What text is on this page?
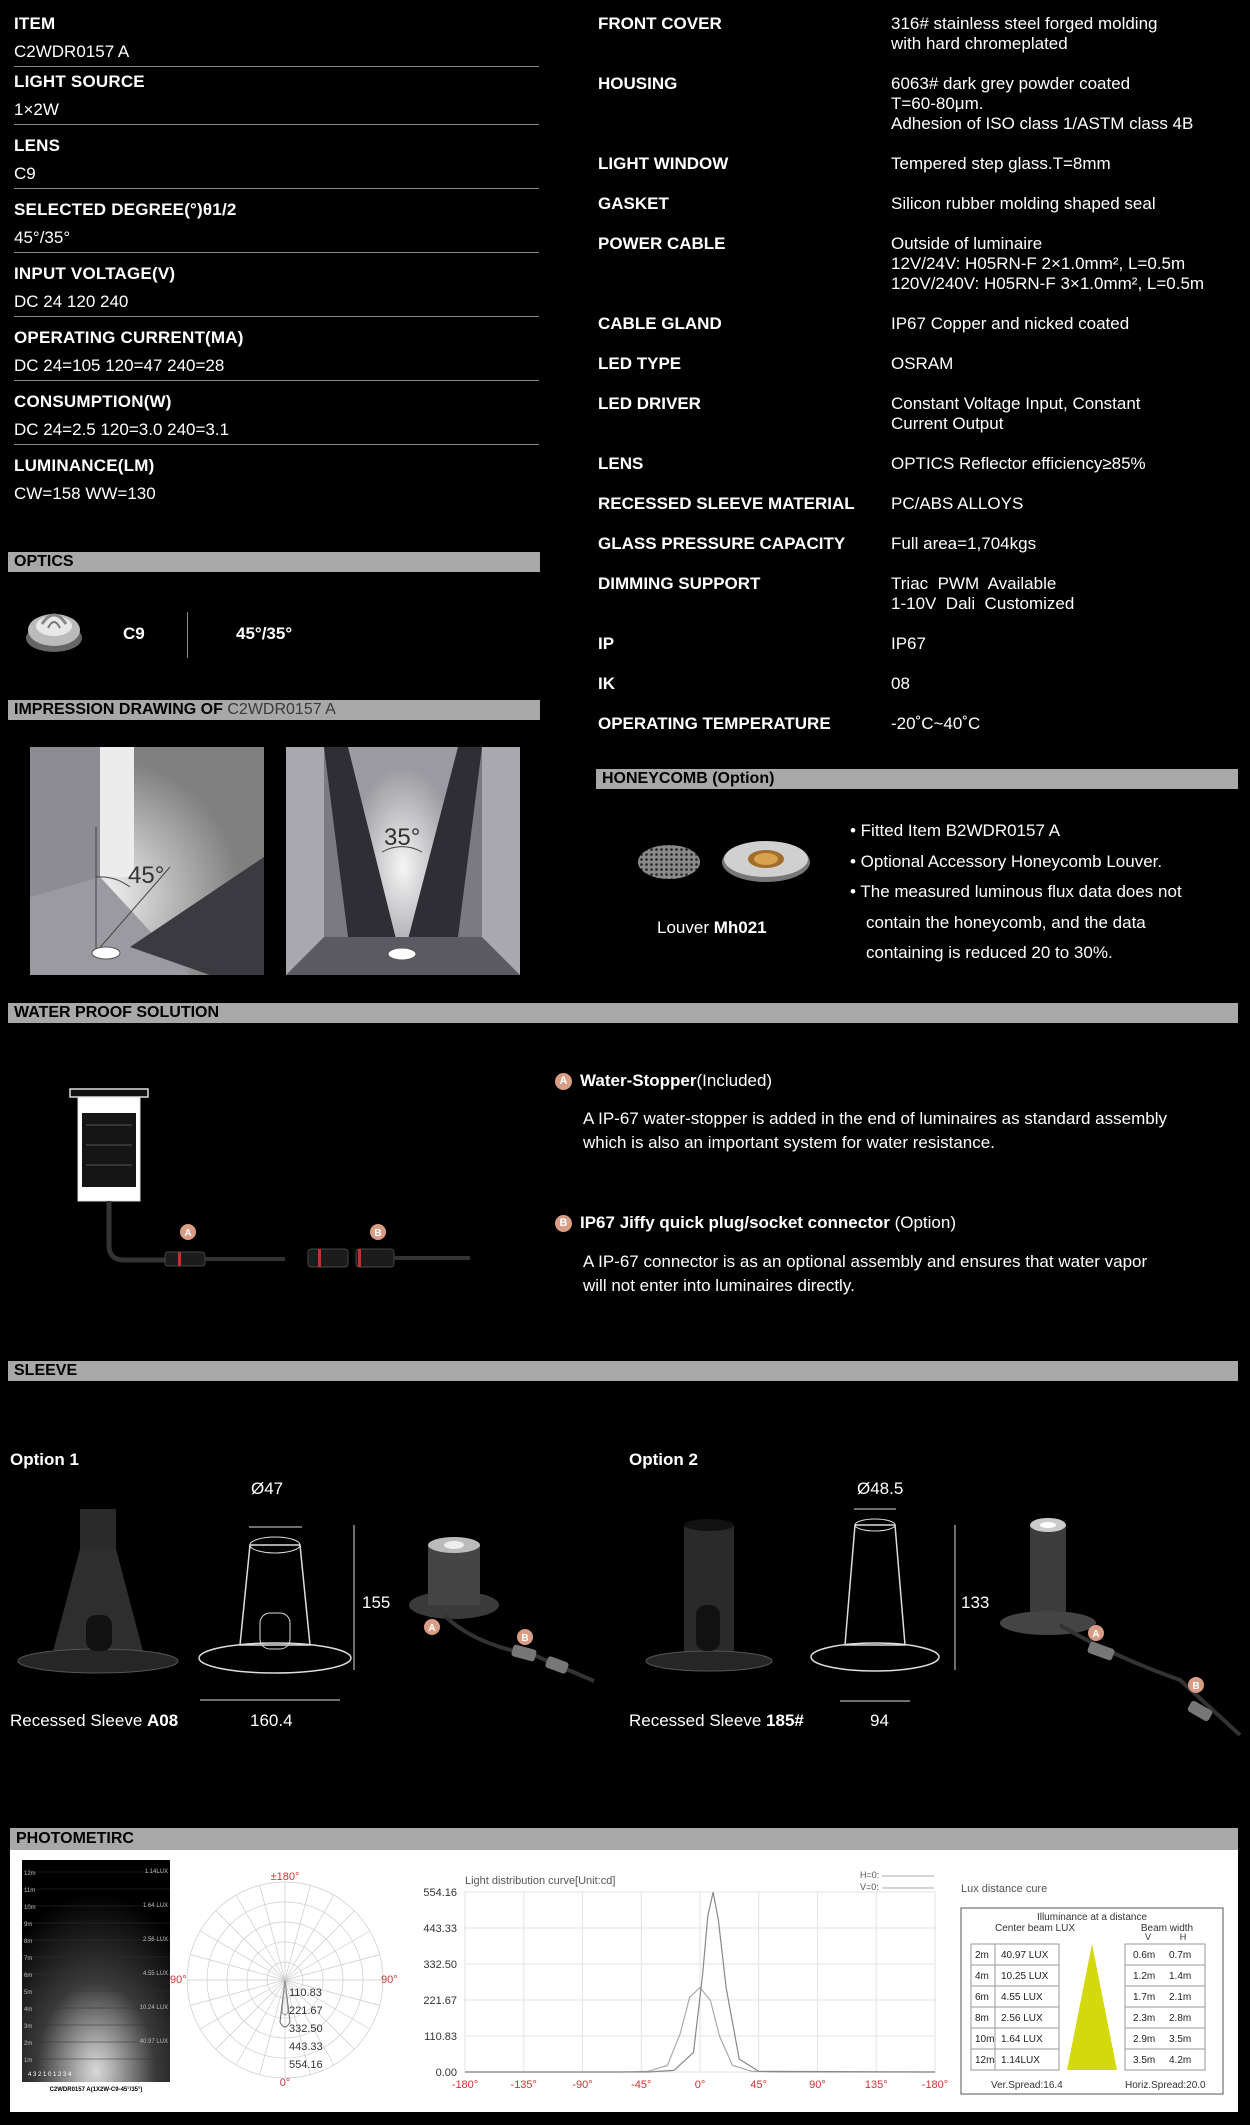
ITEM
C2WDR0157 A
LIGHT SOURCE
1×2W
LENS
C9
SELECTED DEGREE(°)θ1/2
45°/35°
INPUT VOLTAGE(V)
DC 24 120 240
OPERATING CURRENT(MA)
DC 24=105 120=47 240=28
CONSUMPTION(W)
DC 24=2.5 120=3.0 240=3.1
LUMINANCE(LM)
CW=158 WW=130
FRONT COVER	316# stainless steel forged molding
with hard chromeplated
HOUSING	6063# dark grey powder coated
T=60-80μm.
Adhesion of ISO class 1/ASTM class 4B
LIGHT WINDOW	Tempered step glass.T=8mm
GASKET	Silicon rubber molding shaped seal
POWER CABLE	Outside of luminaire
12V/24V: H05RN-F 2×1.0mm², L=0.5m
120V/240V: H05RN-F 3×1.0mm², L=0.5m
CABLE GLAND	IP67 Copper and nicked coated
LED TYPE	OSRAM
LED DRIVER	Constant Voltage Input, Constant
Current Output
LENS	OPTICS Reflector efficiency≥85%
RECESSED SLEEVE MATERIAL PC/ABS ALLOYS
GLASS PRESSURE CAPACITY	Full area=1,704kgs
DIMMING SUPPORT	Triac  PWM  Available
1-10V  Dali  Customized
IP	IP67
IK	08
OPERATING TEMPERATURE	-20˚C~40˚C
OPTICS
C9	45°/35°
IMPRESSION DRAWING OF C2WDR0157 A
45°
35°
HONEYCOMB (Option)
Louver Mh021
• Fitted Item B2WDR0157 A
• Optional Accessory Honeycomb Louver.
• The measured luminous flux data does not
contain the honeycomb, and the data
containing is reduced 20 to 30%.
WATER PROOF SOLUTION
A	B
A Water-Stopper(Included)
A IP-67 water-stopper is added in the end of luminaires as standard assembly
which is also an important system for water resistance.
B IP67 Jiffy quick plug/socket connector (Option)
A IP-67 connector is as an optional assembly and ensures that water vapor
will not enter into luminaires directly.
SLEEVE
Option 1	Option 2
A
B
Ø47
155
160.4
Recessed Sleeve A08
A
B
Ø48.5
133
94
Recessed Sleeve 185#
PHOTOMETIRC
12m
11m
10m
9m
8m
7m
6m
5m
4m
3m
2m
1m
1.14LUX
1.64 LUX
2.56 LUX
4.55 LUX
10.24 LUX
40.97 LUX
4 3 2 1 0 1 2 3 4
C2WDR0157 A(1X2W-C9-45°/35°)
±180°
90°	90°
0°
110.83
221.67
332.50
443.33
554.16
Light distribution curve[Unit:cd]	H=0:
V=0:
554.16
443.33
332.50
221.67
110.83
0.00
-180°	-135°	-90°	-45°	0°	45°	90°	135°	-180°
Lux distance cure
Illuminance at a distance
Center beam LUX	Beam width
V	H
2m 40.97 LUX	0.6m 0.7m
4m 10.25 LUX	1.2m 1.4m
6m 4.55 LUX	1.7m 2.1m
8m 2.56 LUX	2.3m 2.8m
10m 1.64 LUX	2.9m 3.5m
12m 1.14LUX	3.5m 4.2m
Ver.Spread:16.4	Horiz.Spread:20.0
